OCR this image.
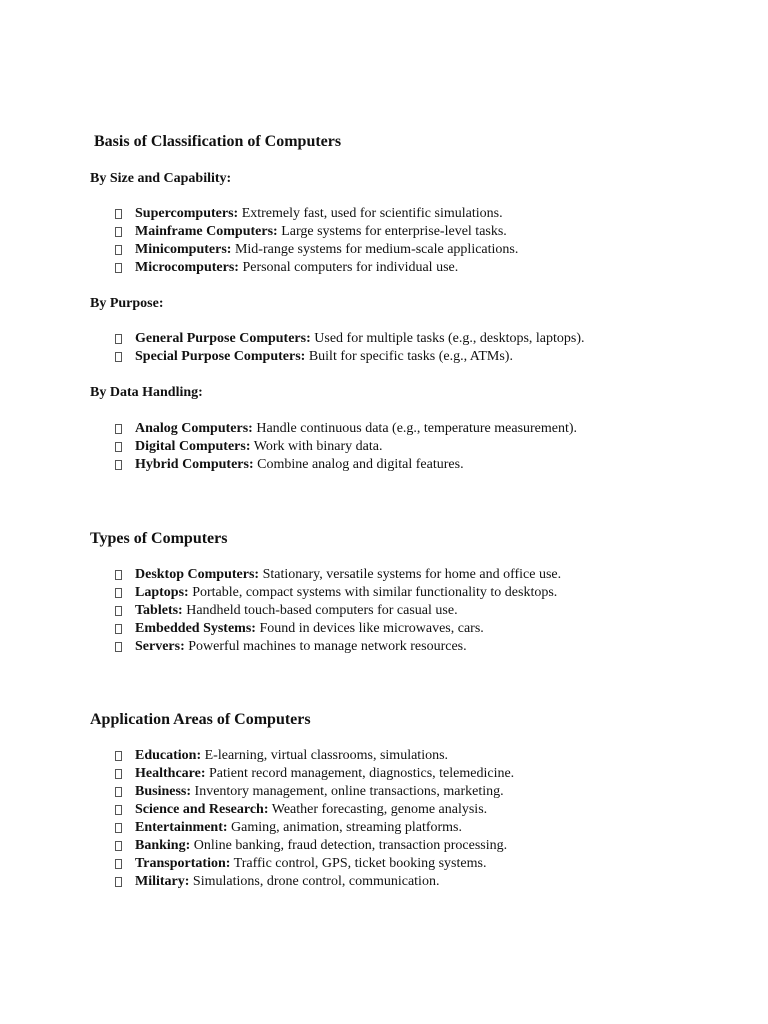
Basis of Classification of Computers
By Size and Capability:
Supercomputers: Extremely fast, used for scientific simulations.
Mainframe Computers: Large systems for enterprise-level tasks.
Minicomputers: Mid-range systems for medium-scale applications.
Microcomputers: Personal computers for individual use.
By Purpose:
General Purpose Computers: Used for multiple tasks (e.g., desktops, laptops).
Special Purpose Computers: Built for specific tasks (e.g., ATMs).
By Data Handling:
Analog Computers: Handle continuous data (e.g., temperature measurement).
Digital Computers: Work with binary data.
Hybrid Computers: Combine analog and digital features.
Types of Computers
Desktop Computers: Stationary, versatile systems for home and office use.
Laptops: Portable, compact systems with similar functionality to desktops.
Tablets: Handheld touch-based computers for casual use.
Embedded Systems: Found in devices like microwaves, cars.
Servers: Powerful machines to manage network resources.
Application Areas of Computers
Education: E-learning, virtual classrooms, simulations.
Healthcare: Patient record management, diagnostics, telemedicine.
Business: Inventory management, online transactions, marketing.
Science and Research: Weather forecasting, genome analysis.
Entertainment: Gaming, animation, streaming platforms.
Banking: Online banking, fraud detection, transaction processing.
Transportation: Traffic control, GPS, ticket booking systems.
Military: Simulations, drone control, communication.
